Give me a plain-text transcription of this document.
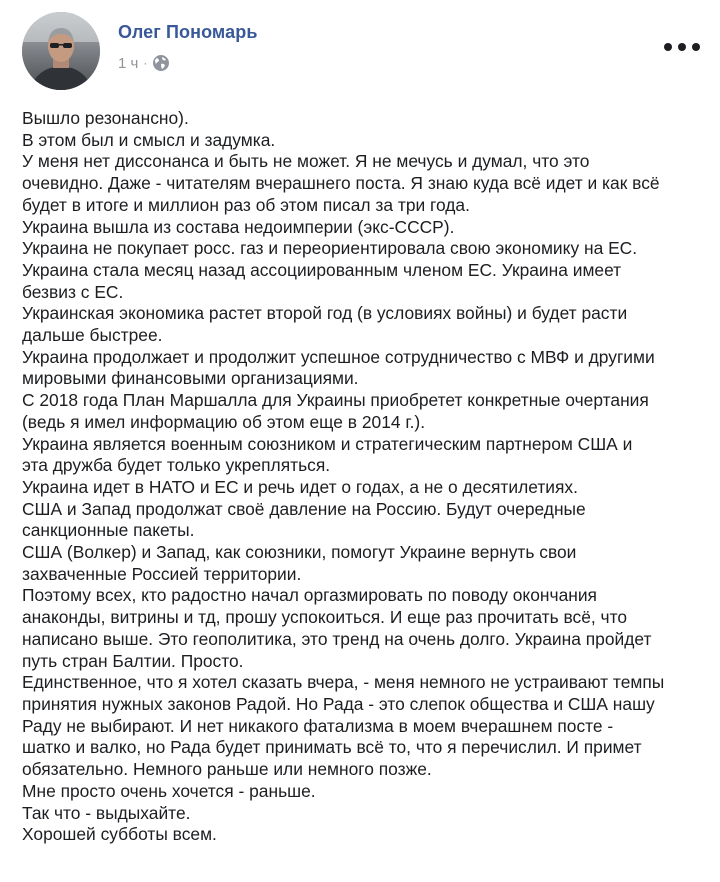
Олег Пономарь
1 ч ·
Вышло резонансно).
В этом был и смысл и задумка.
У меня нет диссонанса и быть не может. Я не мечусь и думал, что это
очевидно. Даже - читателям вчерашнего поста. Я знаю куда всё идет и как всё
будет в итоге и миллион раз об этом писал за три года.
Украина вышла из состава недоимперии (экс-СССР).
Украина не покупает росс. газ и переориентировала свою экономику на ЕС.
Украина стала месяц назад ассоциированным членом ЕС. Украина имеет
безвиз с ЕС.
Украинская экономика растет второй год (в условиях войны) и будет расти
дальше быстрее.
Украина продолжает и продолжит успешное сотрудничество с МВФ и другими
мировыми финансовыми организациями.
С 2018 года План Маршалла для Украины приобретет конкретные очертания
(ведь я имел информацию об этом еще в 2014 г.).
Украина является военным союзником и стратегическим партнером США и
эта дружба будет только укрепляться.
Украина идет в НАТО и ЕС и речь идет о годах, а не о десятилетиях.
США и Запад продолжат своё давление на Россию. Будут очередные
санкционные пакеты.
США (Волкер) и Запад, как союзники, помогут Украине вернуть свои
захваченные Россией территории.
Поэтому всех, кто радостно начал оргазмировать по поводу окончания
анаконды, витрины и тд, прошу успокоиться. И еще раз прочитать всё, что
написано выше. Это геополитика, это тренд на очень долго. Украина пройдет
путь стран Балтии. Просто.
Единственное, что я хотел сказать вчера, - меня немного не устраивают темпы
принятия нужных законов Радой. Но Рада - это слепок общества и США нашу
Раду не выбирают. И нет никакого фатализма в моем вчерашнем посте -
шатко и валко, но Рада будет принимать всё то, что я перечислил. И примет
обязательно. Немного раньше или немного позже.
Мне просто очень хочется - раньше.
Так что - выдыхайте.
Хорошей субботы всем.
